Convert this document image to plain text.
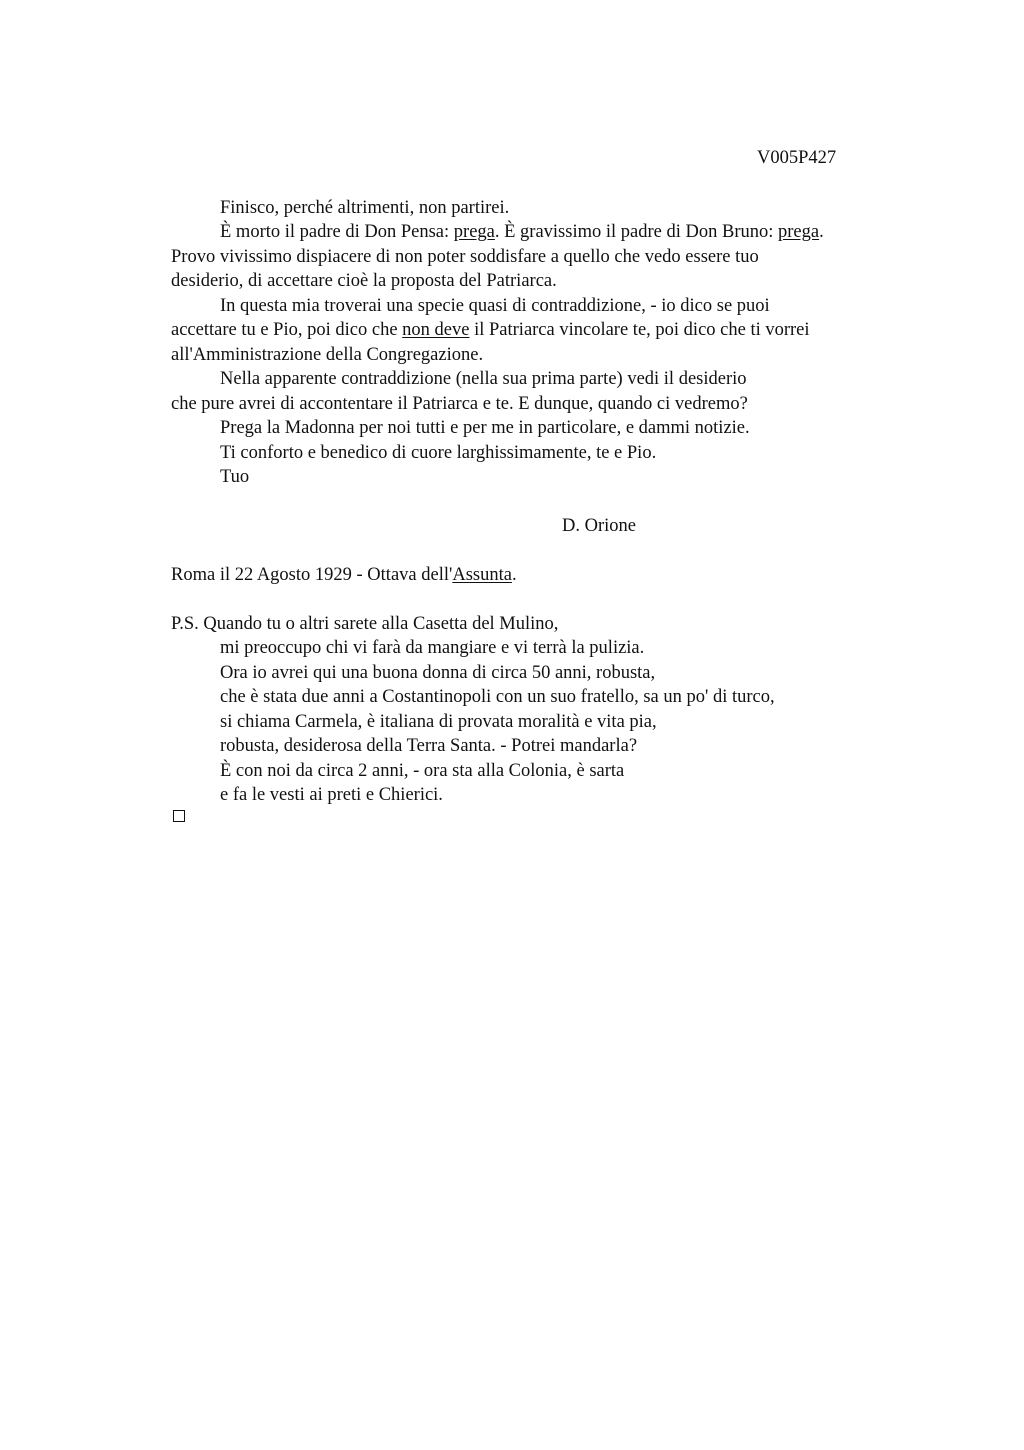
V005P427
Finisco, perché altrimenti, non partirei.
È morto il padre di Don Pensa: prega. È gravissimo il padre di Don Bruno: prega.
Provo vivissimo dispiacere di non poter soddisfare a quello che vedo essere tuo
desiderio, di accettare cioè la proposta del Patriarca.
In questa mia troverai una specie quasi di contraddizione, - io dico se puoi
accettare tu e Pio, poi dico che non deve il Patriarca vincolare te, poi dico che ti vorrei
all'Amministrazione della Congregazione.
Nella apparente contraddizione (nella sua prima parte) vedi il desiderio
che pure avrei di accontentare il Patriarca e te. E dunque, quando ci vedremo?
Prega la Madonna per noi tutti e per me in particolare, e dammi notizie.
Ti conforto e benedico di cuore larghissimamente, te e Pio.
Tuo
D. Orione
Roma il 22 Agosto 1929 - Ottava dell'Assunta.
P.S. Quando tu o altri sarete alla Casetta del Mulino,
mi preoccupo chi vi farà da mangiare e vi terrà la pulizia.
Ora io avrei qui una buona donna di circa 50 anni, robusta,
che è stata due anni a Costantinopoli con un suo fratello, sa un po' di turco,
si chiama Carmela, è italiana di provata moralità e vita pia,
robusta, desiderosa della Terra Santa. - Potrei mandarla?
È con noi da circa 2 anni, - ora sta alla Colonia, è sarta
e fa le vesti ai preti e Chierici.
